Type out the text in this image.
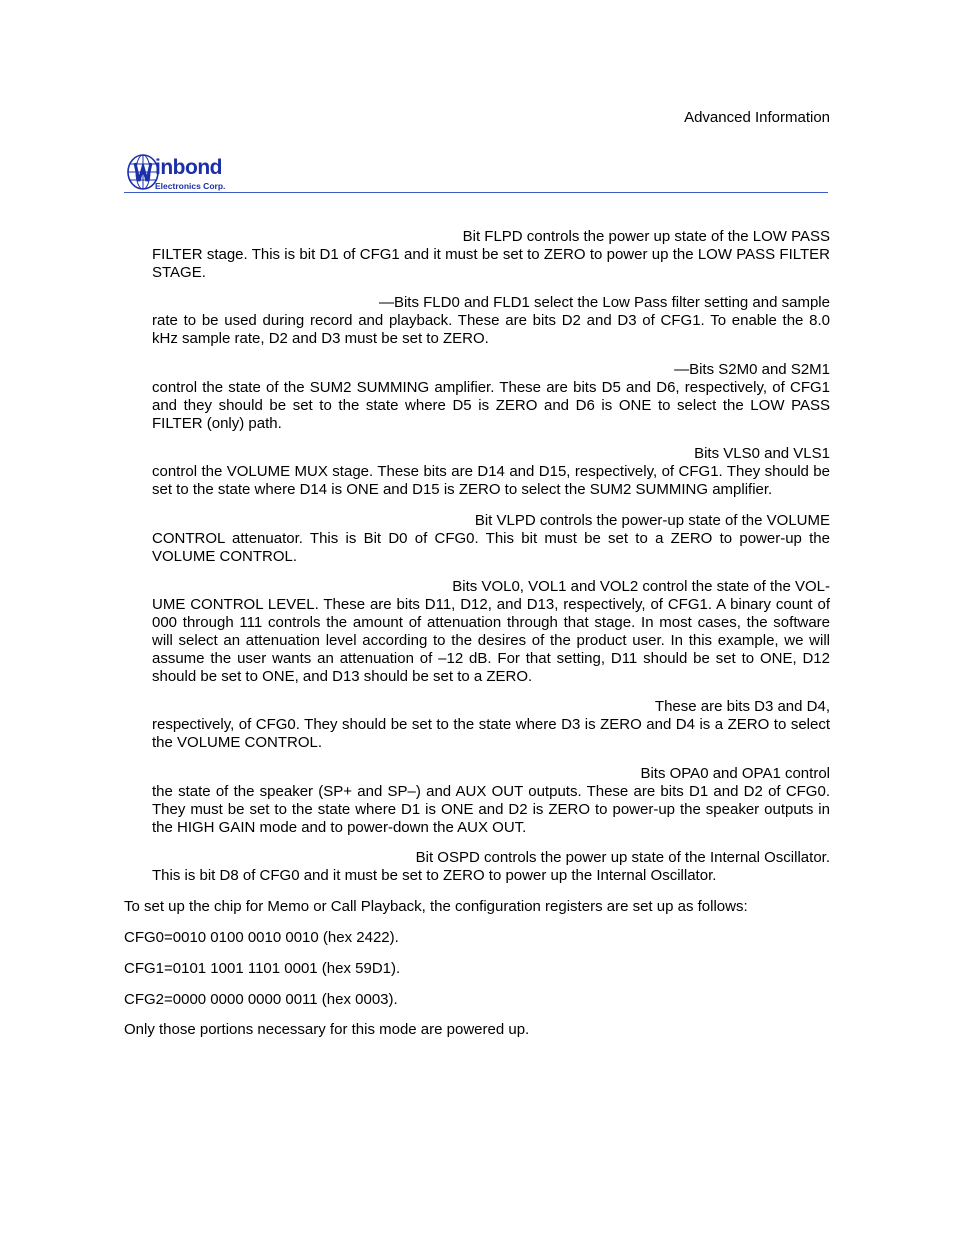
Advanced Information
inbond
Electronics Corp.

Bit FLPD controls the power up state of the LOW PASS

FILTER stage. This is bit D1 of CFG1 and it must be set to ZERO to power up the LOW PASS FILTER STAGE.

—Bits FLD0 and FLD1 select the Low Pass filter setting and sample

rate to be used during record and playback. These are bits D2 and D3 of CFG1. To enable the 8.0 kHz sample rate, D2 and D3 must be set to ZERO.

—Bits S2M0 and S2M1

control the state of the SUM2 SUMMING amplifier. These are bits D5 and D6, respectively, of CFG1 and they should be set to the state where D5 is ZERO and D6 is ONE to select the LOW PASS FILTER (only) path.

Bits VLS0 and VLS1

control the VOLUME MUX stage. These bits are D14 and D15, respectively, of CFG1. They should be set to the state where D14 is ONE and D15 is ZERO to select the SUM2 SUMMING amplifier.

Bit VLPD controls the power-up state of the VOLUME

CONTROL attenuator. This is Bit D0 of CFG0. This bit must be set to a ZERO to power-up the VOLUME CONTROL.

Bits VOL0, VOL1 and VOL2 control the state of the VOL-

UME CONTROL LEVEL. These are bits D11, D12, and D13, respectively, of CFG1. A binary count of 000 through 111 controls the amount of attenuation through that stage. In most cases, the software will select an attenuation level according to the desires of the product user. In this example, we will assume the user wants an attenuation of –12 dB. For that setting, D11 should be set to ONE, D12 should be set to ONE, and D13 should be set to a ZERO.

These are bits D3 and D4,

respectively, of CFG0. They should be set to the state where D3 is ZERO and D4 is a ZERO to select the VOLUME CONTROL.

Bits OPA0 and OPA1 control

the state of the speaker (SP+ and SP–) and AUX OUT outputs. These are bits D1 and D2 of CFG0. They must be set to the state where D1 is ONE and D2 is ZERO to power-up the speaker outputs in the HIGH GAIN mode and to power-down the AUX OUT.

Bit OSPD controls the power up state of the Internal Oscillator.

This is bit D8 of CFG0 and it must be set to ZERO to power up the Internal Oscillator.

To set up the chip for Memo or Call Playback, the configuration registers are set up as follows:

CFG0=0010 0100 0010 0010 (hex 2422).

CFG1=0101 1001 1101 0001 (hex 59D1).

CFG2=0000 0000 0000 0011 (hex 0003).

Only those portions necessary for this mode are powered up.
